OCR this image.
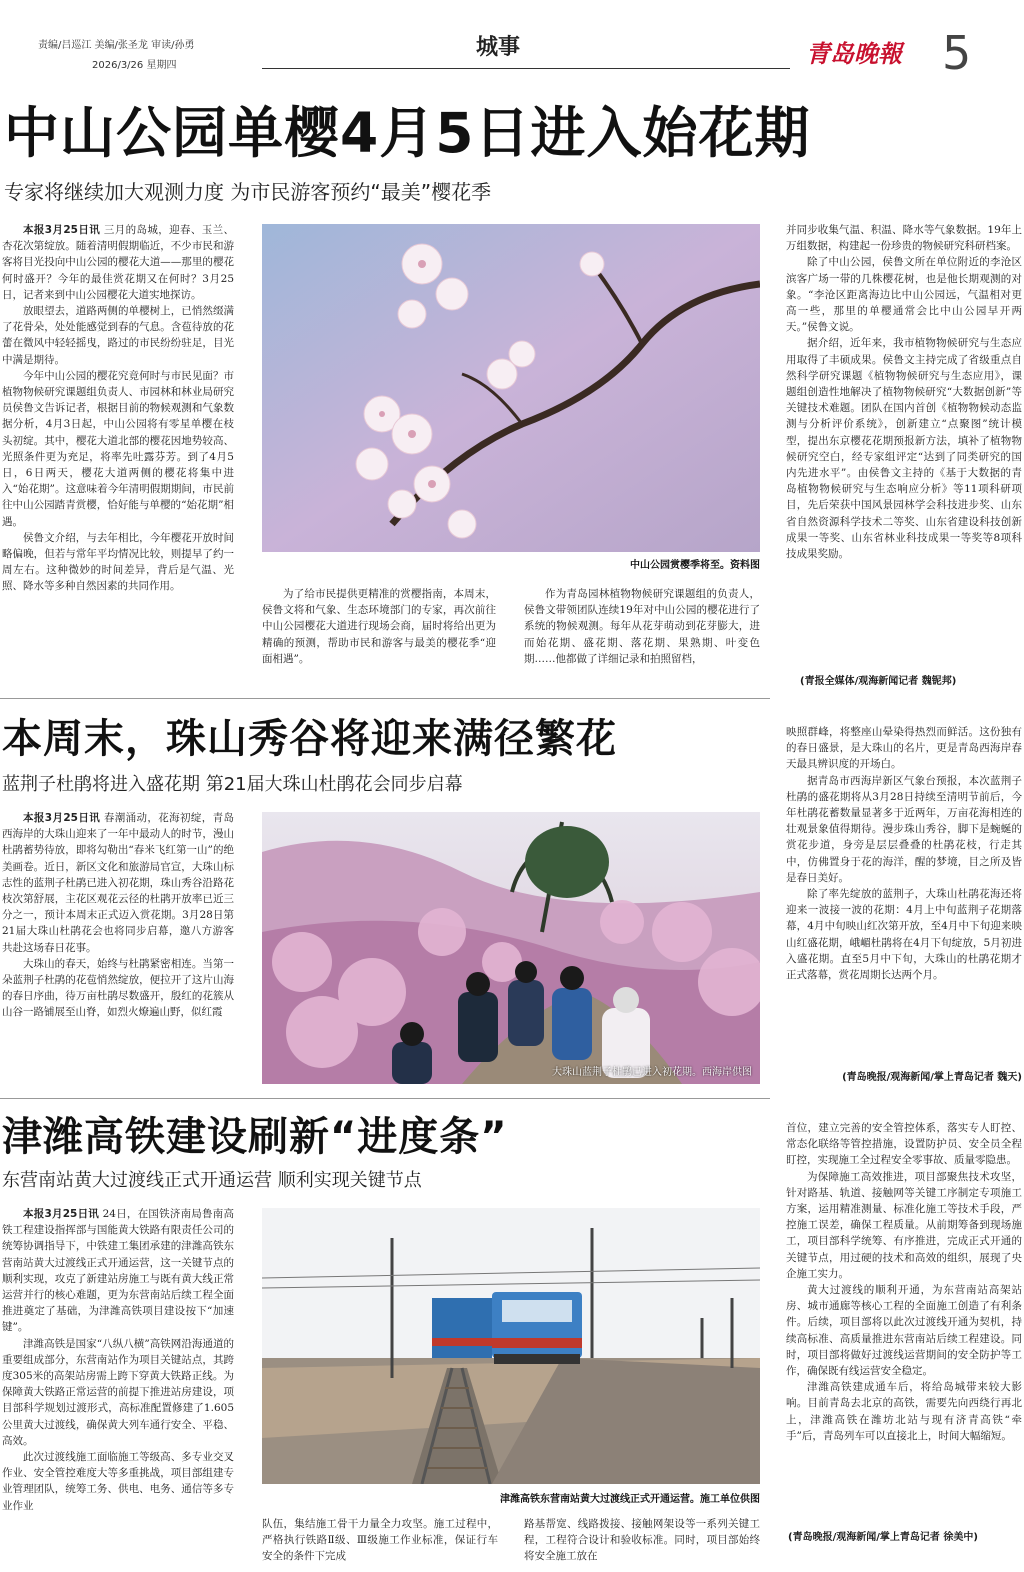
责编/吕巡江 美编/张圣龙 审读/孙勇
2026/3/26 星期四
城事	青岛晚報 5
中山公园单樱4月5日进入始花期
专家将继续加大观测力度 为市民游客预约“最美”樱花季

本报3月25日讯 三月的岛城，迎春、玉兰、杏花次第绽放。随着清明假期临近，不少市民和游客将目光投向中山公园的樱花大道——那里的樱花何时盛开？今年的最佳赏花期又在何时？3月25日，记者来到中山公园樱花大道实地探访。

放眼望去，道路两侧的单樱树上，已悄然缀满了花骨朵，处处能感觉到春的气息。含苞待放的花蕾在微风中轻轻摇曳，路过的市民纷纷驻足，目光中满是期待。

今年中山公园的樱花究竟何时与市民见面？市植物物候研究课题组负责人、市园林和林业局研究员侯鲁文告诉记者，根据目前的物候观测和气象数据分析，4月3日起，中山公园将有零星单樱在枝头初绽。其中，樱花大道北部的樱花因地势较高、光照条件更为充足，将率先吐露芬芳。到了4月5日，6日两天，樱花大道两侧的樱花将集中进入“始花期”。这意味着今年清明假期期间，市民前往中山公园踏青赏樱，恰好能与单樱的“始花期”相遇。

侯鲁文介绍，与去年相比，今年樱花开放时间略偏晚，但若与常年平均情况比较，则提早了约一周左右。这种微妙的时间差异，背后是气温、光照、降水等多种自然因素的共同作用。

中山公园赏樱季将至。资料图

为了给市民提供更精准的赏樱指南，本周末，侯鲁文将和气象、生态环境部门的专家，再次前往中山公园樱花大道进行现场会商，届时将给出更为精确的预测，帮助市民和游客与最美的樱花季“迎面相遇”。

作为青岛园林植物物候研究课题组的负责人，侯鲁文带领团队连续19年对中山公园的樱花进行了系统的物候观测。每年从花芽萌动到花芽膨大，进而始花期、盛花期、落花期、果熟期、叶变色期……他都做了详细记录和拍照留档，

并同步收集气温、积温、降水等气象数据。19年上万组数据，构建起一份珍贵的物候研究科研档案。

除了中山公园，侯鲁文所在单位附近的李沧区滨客广场一带的几株樱花树，也是他长期观测的对象。“李沧区距离海边比中山公园远，气温相对更高一些，那里的单樱通常会比中山公园早开两天。”侯鲁文说。

据介绍，近年来，我市植物物候研究与生态应用取得了丰硕成果。侯鲁文主持完成了省级重点自然科学研究课题《植物物候研究与生态应用》，课题组创造性地解决了植物物候研究“大数据创新”等关键技术难题。团队在国内首创《植物物候动态监测与分析评价系统》，创新建立“点聚图”统计模型，提出东京樱花花期预报新方法，填补了植物物候研究空白，经专家组评定“达到了同类研究的国内先进水平”。由侯鲁文主持的《基于大数据的青岛植物物候研究与生态响应分析》等11项科研项目，先后荣获中国风景园林学会科技进步奖、山东省自然资源科学技术二等奖、山东省建设科技创新成果一等奖、山东省林业科技成果一等奖等8项科技成果奖励。

(青报全媒体/观海新闻记者 魏铌邦)
本周末，珠山秀谷将迎来满径繁花
蓝荆子杜鹃将进入盛花期 第21届大珠山杜鹃花会同步启幕

本报3月25日讯 春潮涌动，花海初绽，青岛西海岸的大珠山迎来了一年中最动人的时节，漫山杜鹃蓄势待放，即将勾勒出“春米飞红第一山”的绝美画卷。近日，新区文化和旅游局官宣，大珠山标志性的蓝荆子杜鹃已进入初花期，珠山秀谷沿路花枝次第舒展，主花区观花云径的杜鹃开放率已近三分之一，预计本周末正式迈入赏花期。3月28日第21届大珠山杜鹃花会也将同步启幕，邀八方游客共赴这场春日花事。

大珠山的春天，始终与杜鹃紧密相连。当第一朵蓝荆子杜鹃的花苞悄然绽放，便拉开了这片山海的春日序曲，待万亩杜鹃尽数盛开，殷红的花簇从山谷一路铺展至山脊，如烈火燎遍山野，似红霞

大珠山蓝荆子杜鹃已进入初花期。西海岸供图

映照群峰，将整座山晕染得热烈而鲜活。这份独有的春日盛景，是大珠山的名片，更是青岛西海岸春天最具辨识度的开场白。

据青岛市西海岸新区气象台预报，本次蓝荆子杜鹃的盛花期将从3月28日持续至清明节前后，今年杜鹃花蓄数量显著多于近两年，万亩花海相连的壮观景象值得期待。漫步珠山秀谷，脚下是蜿蜒的赏花步道，身旁是层层叠叠的杜鹃花枝，行走其中，仿佛置身于花的海洋，醒的梦境，目之所及皆是春日美好。

除了率先绽放的蓝荆子，大珠山杜鹃花海还将迎来一波接一波的花期：4月上中旬蓝荆子花期落幕，4月中旬映山红次第开放，至4月中下旬迎来映山红盛花期，峨嵋杜鹃将在4月下旬绽放，5月初进入盛花期。直至5月中下旬，大珠山的杜鹃花期才正式落幕，赏花周期长达两个月。

(青岛晚报/观海新闻/掌上青岛记者 魏天)
津潍高铁建设刷新“进度条”
东营南站黄大过渡线正式开通运营 顺利实现关键节点

本报3月25日讯 24日，在国铁济南局鲁南高铁工程建设指挥部与国能黄大铁路有限责任公司的统筹协调指导下，中铁建工集团承建的津潍高铁东营南站黄大过渡线正式开通运营，这一关键节点的顺利实现，攻克了新建站房施工与既有黄大线正常运营并行的核心难题，更为东营南站后续工程全面推进奠定了基础，为津潍高铁项目建设按下“加速键”。

津潍高铁是国家“八纵八横”高铁网沿海通道的重要组成部分，东营南站作为项目关键站点，其跨度305米的高架站房需上跨下穿黄大铁路正线。为保障黄大铁路正常运营的前提下推进站房建设，项目部科学规划过渡形式，高标准配置修建了1.605公里黄大过渡线，确保黄大列车通行安全、平稳、高效。

此次过渡线施工面临施工等级高、多专业交叉作业、安全管控难度大等多重挑战，项目部组建专业管理团队，统筹工务、供电、电务、通信等多专业作业

津潍高铁东营南站黄大过渡线正式开通运营。施工单位供图

队伍，集结施工骨干力量全力攻坚。施工过程中，严格执行铁路Ⅱ级、Ⅲ级施工作业标准，保证行车安全的条件下完成

路基帮宽、线路拨接、接触网架设等一系列关键工程，工程符合设计和验收标准。同时，项目部始终将安全施工放在

首位，建立完善的安全管控体系，落实专人盯控、常态化联络等管控措施，设置防护员、安全员全程盯控，实现施工全过程安全零事故、质量零隐患。

为保障施工高效推进，项目部聚焦技术攻坚，针对路基、轨道、接触网等关键工序制定专项施工方案，运用精准测量、标准化施工等技术手段，严控施工误差，确保工程质量。从前期筹备到现场施工，项目部科学统筹、有序推进，完成正式开通的关键节点，用过硬的技术和高效的组织，展现了央企施工实力。

黄大过渡线的顺利开通，为东营南站高架站房、城市通廊等核心工程的全面施工创造了有利条件。后续，项目部将以此次过渡线开通为契机，持续高标准、高质量推进东营南站后续工程建设。同时，项目部将做好过渡线运营期间的安全防护等工作，确保既有线运营安全稳定。

津潍高铁建成通车后，将给岛城带来较大影响。目前青岛去北京的高铁，需要先向西绕行再北上，津潍高铁在潍坊北站与现有济青高铁“牵手”后，青岛列车可以直接北上，时间大幅缩短。

(青岛晚报/观海新闻/掌上青岛记者 徐美中)
